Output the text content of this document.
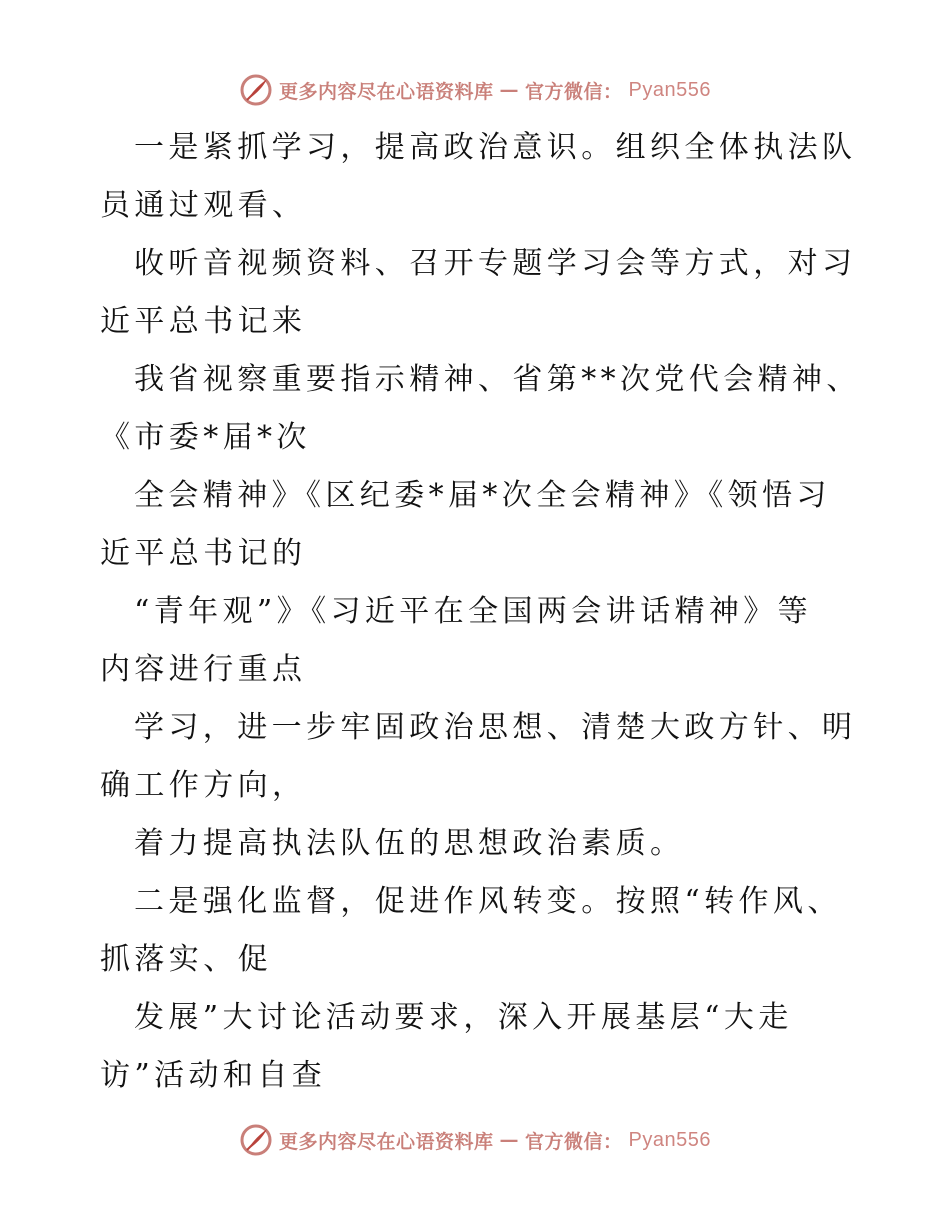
更多内容尽在心语资料库 — 官方微信： Pyan556
一是紧抓学习，提高政治意识。组织全体执法队
员通过观看、
收听音视频资料、召开专题学习会等方式，对习
近平总书记来
我省视察重要指示精神、省第**次党代会精神、
《市委*届*次
全会精神》《区纪委*届*次全会精神》《领悟习
近平总书记的
“青年观”》《习近平在全国两会讲话精神》等
内容进行重点
学习，进一步牢固政治思想、清楚大政方针、明
确工作方向，
着力提高执法队伍的思想政治素质。
二是强化监督，促进作风转变。按照“转作风、
抓落实、促
发展”大讨论活动要求，深入开展基层“大走
访”活动和自查
更多内容尽在心语资料库 — 官方微信： Pyan556
